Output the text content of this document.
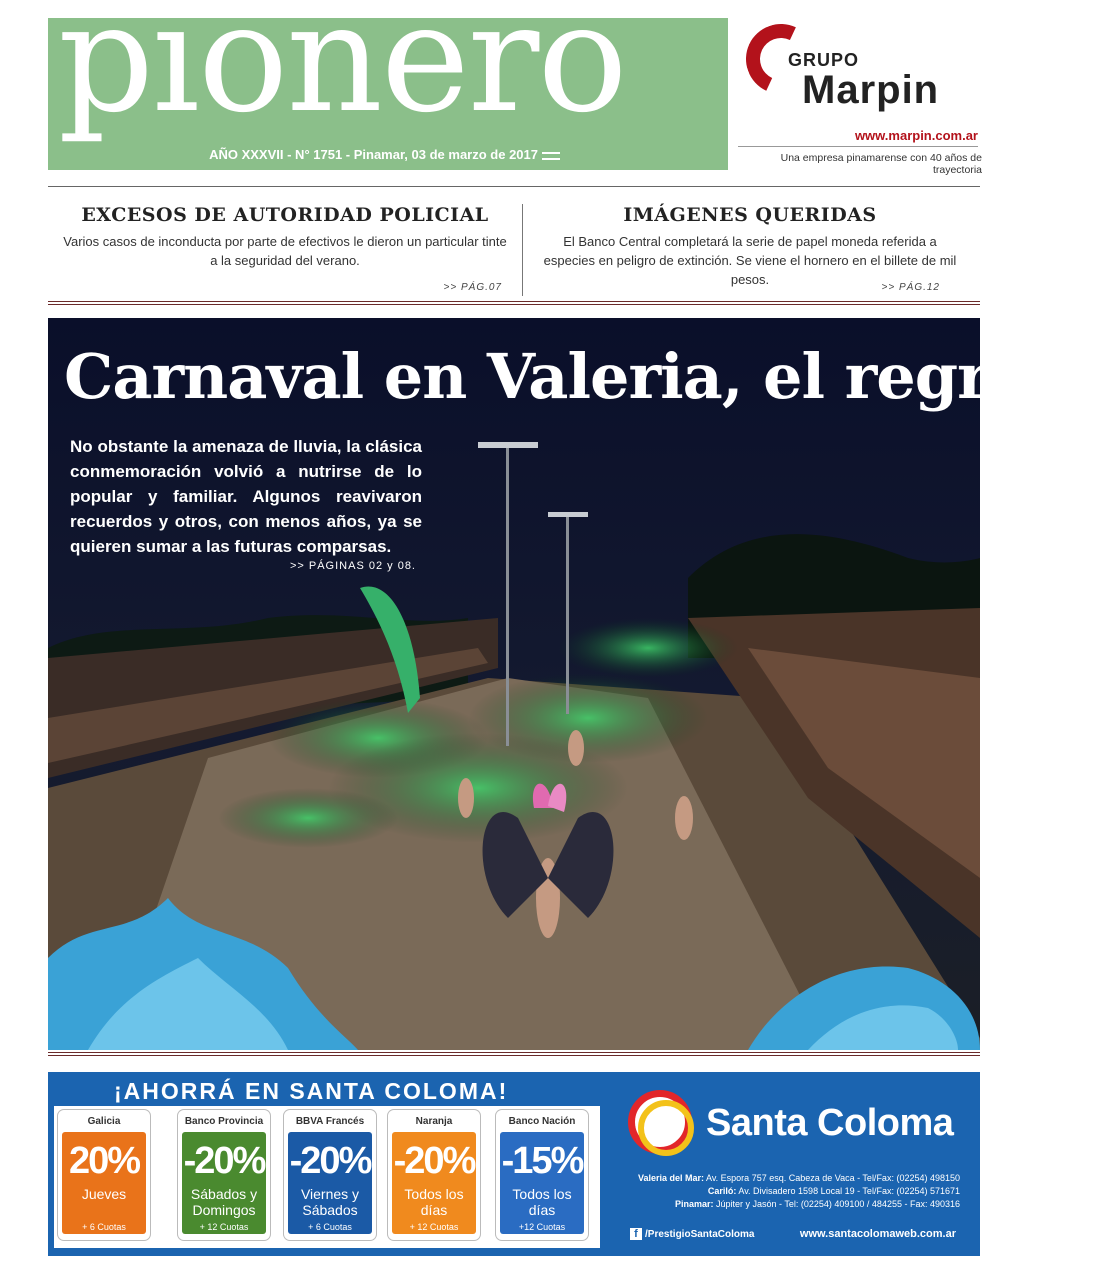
pionero
AÑO XXXVII - N° 1751 - Pinamar, 03 de marzo de 2017
GRUPO
Marpin
www.marpin.com.ar
Una empresa pinamarense con 40 años de trayectoria
EXCESOS DE AUTORIDAD POLICIAL

Varios casos de inconducta por parte de efectivos le dieron un particular tinte a la seguridad del verano.

>> PÁG.07
IMÁGENES QUERIDAS

El Banco Central completará la serie de papel moneda referida a especies en peligro de extinción. Se viene el hornero en el billete de mil pesos.

>> PÁG.12
Carnaval en Valeria, el regreso
No obstante la amenaza de lluvia, la clásica conmemoración volvió a nutrirse de lo popular y familiar. Algunos reavivaron recuerdos y otros, con menos años, ya se quieren sumar a las futuras comparsas.
>> PÁGINAS 02 y 08.
¡AHORRÁ EN SANTA COLOMA!
Galicia
20%
Jueves
+ 6 Cuotas
Banco Provincia
-20%
Sábados y Domingos
+ 12 Cuotas
BBVA Francés
-20%
Viernes y Sábados
+ 6 Cuotas
Naranja
-20%
Todos los días
+ 12 Cuotas
Banco Nación
-15%
Todos los días
+12 Cuotas
Santa Coloma
Valeria del Mar: Av. Espora 757 esq. Cabeza de Vaca - Tel/Fax: (02254) 498150
Cariló: Av. Divisadero 1598 Local 19 - Tel/Fax: (02254) 571671
Pinamar: Júpiter y Jasón - Tel: (02254) 409100 / 484255 - Fax: 490316
f /PrestigioSantaColoma	www.santacolomaweb.com.ar
